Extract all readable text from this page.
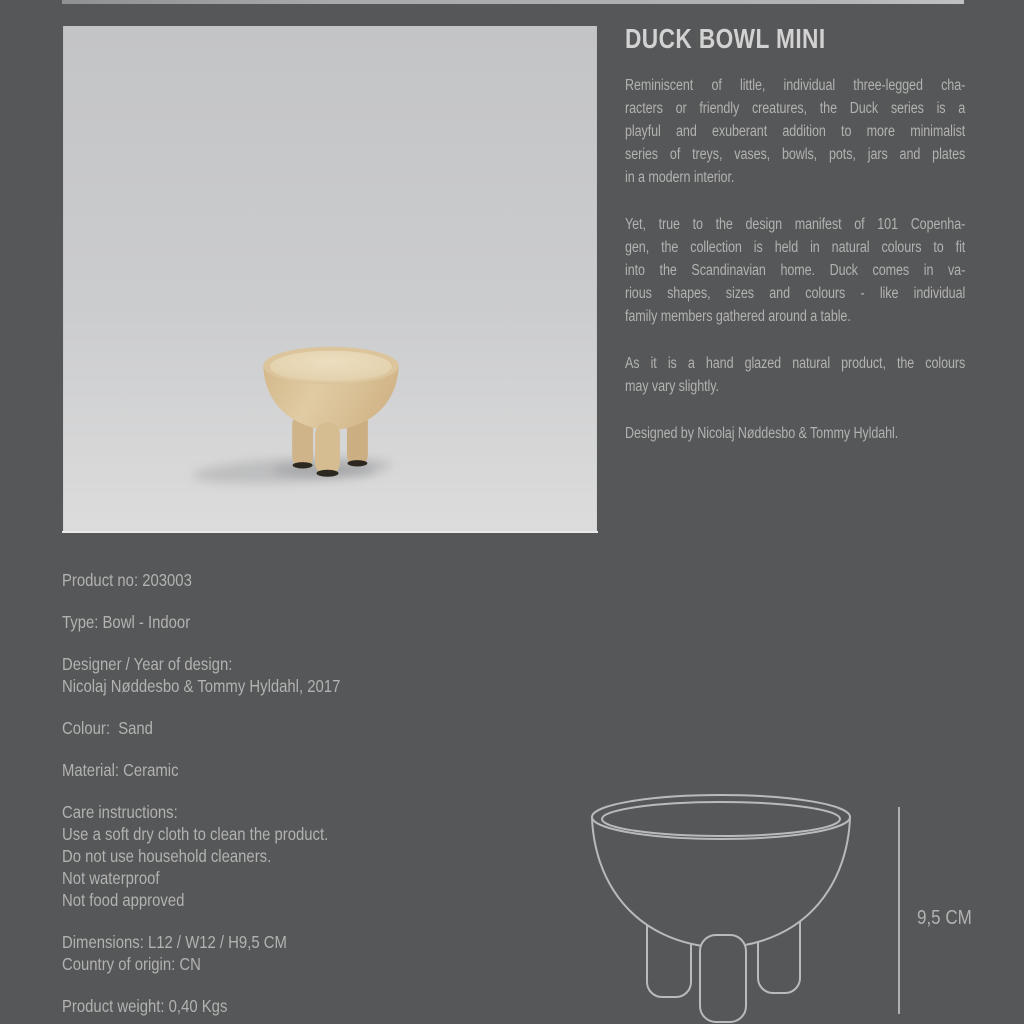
DUCK BOWL MINI
Reminiscent of little, individual three-legged cha-
racters or friendly creatures, the Duck series is a
playful and exuberant addition to more minimalist
series of treys, vases, bowls, pots, jars and plates
in a modern interior.
Yet, true to the design manifest of 101 Copenha-
gen, the collection is held in natural colours to fit
into the Scandinavian home. Duck comes in va-
rious shapes, sizes and colours - like individual
family members gathered around a table.
As it is a hand glazed natural product, the colours
may vary slightly.
Designed by Nicolaj Nøddesbo & Tommy Hyldahl.
Product no: 203003
Type: Bowl - Indoor
Designer / Year of design:
Nicolaj Nøddesbo & Tommy Hyldahl, 2017
Colour:  Sand
Material: Ceramic
Care instructions:
Use a soft dry cloth to clean the product.
Do not use household cleaners.
Not waterproof
Not food approved
Dimensions: L12 / W12 / H9,5 CM
Country of origin: CN
Product weight: 0,40 Kgs
9,5 CM
